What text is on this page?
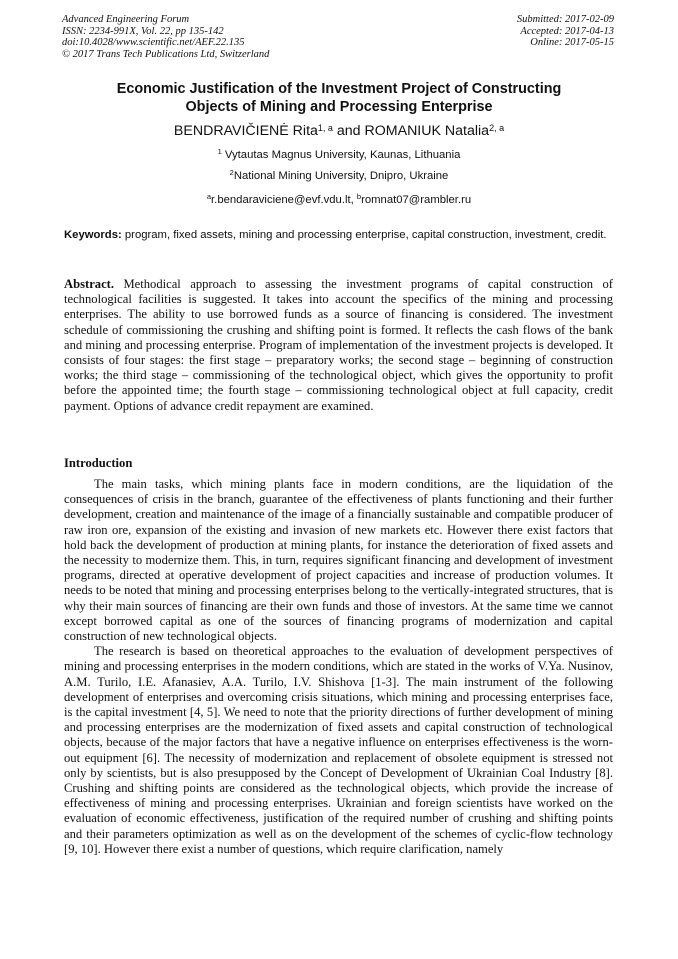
Advanced Engineering Forum
ISSN: 2234-991X, Vol. 22, pp 135-142
doi:10.4028/www.scientific.net/AEF.22.135
© 2017 Trans Tech Publications Ltd, Switzerland
Submitted: 2017-02-09
Accepted: 2017-04-13
Online: 2017-05-15
Economic Justification of the Investment Project of Constructing
Objects of Mining and Processing Enterprise
BENDRAVIČIENĖ Rita$^{1, a}$ and ROMANIUK Natalia$^{2, a}$
$^1$ Vytautas Magnus University, Kaunas, Lithuania
$^2$National Mining University, Dnipro, Ukraine
$^a$r.bendaraviciene@evf.vdu.lt, $^b$romnat07@rambler.ru
Keywords: program, fixed assets, mining and processing enterprise, capital construction, investment, credit.

Abstract. Methodical approach to assessing the investment programs of capital construction of technological facilities is suggested. It takes into account the specifics of the mining and processing enterprises. The ability to use borrowed funds as a source of financing is considered. The investment schedule of commissioning the crushing and shifting point is formed. It reflects the cash flows of the bank and mining and processing enterprise. Program of implementation of the investment projects is developed. It consists of four stages: the first stage – preparatory works; the second stage – beginning of construction works; the third stage – commissioning of the technological object, which gives the opportunity to profit before the appointed time; the fourth stage – commissioning technological object at full capacity, credit payment. Options of advance credit repayment are examined.

Introduction

The main tasks, which mining plants face in modern conditions, are the liquidation of the consequences of crisis in the branch, guarantee of the effectiveness of plants functioning and their further development, creation and maintenance of the image of a financially sustainable and compatible producer of raw iron ore, expansion of the existing and invasion of new markets etc. However there exist factors that hold back the development of production at mining plants, for instance the deterioration of fixed assets and the necessity to modernize them. This, in turn, requires significant financing and development of investment programs, directed at operative development of project capacities and increase of production volumes. It needs to be noted that mining and processing enterprises belong to the vertically-integrated structures, that is why their main sources of financing are their own funds and those of investors. At the same time we cannot except borrowed capital as one of the sources of financing programs of modernization and capital construction of new technological objects.

The research is based on theoretical approaches to the evaluation of development perspectives of mining and processing enterprises in the modern conditions, which are stated in the works of V.Ya. Nusinov, A.M. Turilo, I.E. Afanasiev, A.A. Turilo, I.V. Shishova [1-3]. The main instrument of the following development of enterprises and overcoming crisis situations, which mining and processing enterprises face, is the capital investment [4, 5]. We need to note that the priority directions of further development of mining and processing enterprises are the modernization of fixed assets and capital construction of technological objects, because of the major factors that have a negative influence on enterprises effectiveness is the worn-out equipment [6]. The necessity of modernization and replacement of obsolete equipment is stressed not only by scientists, but is also presupposed by the Concept of Development of Ukrainian Coal Industry [8]. Crushing and shifting points are considered as the technological objects, which provide the increase of effectiveness of mining and processing enterprises. Ukrainian and foreign scientists have worked on the evaluation of economic effectiveness, justification of the required number of crushing and shifting points and their parameters optimization as well as on the development of the schemes of cyclic-flow technology [9, 10]. However there exist a number of questions, which require clarification, namely
